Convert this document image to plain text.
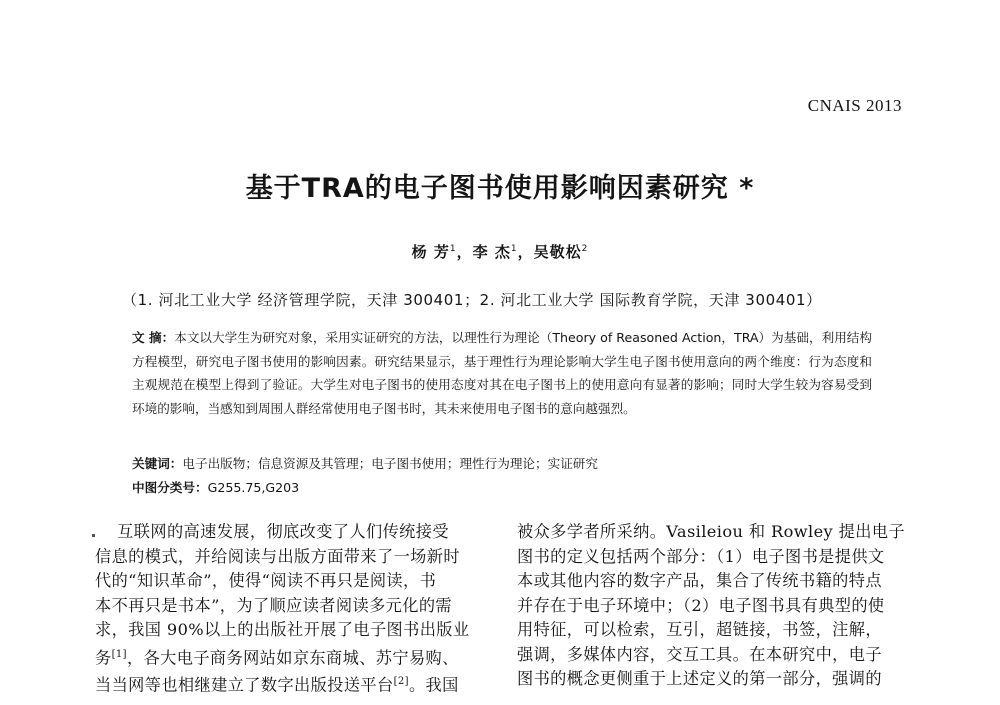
CNAIS 2013
基于TRA的电子图书使用影响因素研究 *
杨 芳$^1$，李 杰$^1$，吴敬松$^2$
（1. 河北工业大学 经济管理学院，天津 300401；2. 河北工业大学 国际教育学院，天津 300401）
文 摘：本文以大学生为研究对象，采用实证研究的方法，以理性行为理论（Theory of Reasoned Action，TRA）为基础，利用结构方程模型，研究电子图书使用的影响因素。研究结果显示，基于理性行为理论影响大学生电子图书使用意向的两个维度：行为态度和主观规范在模型上得到了验证。大学生对电子图书的使用态度对其在电子图书上的使用意向有显著的影响；同时大学生较为容易受到环境的影响，当感知到周围人群经常使用电子图书时，其未来使用电子图书的意向越强烈。
关键词：电子出版物；信息资源及其管理；电子图书使用；理性行为理论；实证研究
中图分类号：G255.75,G203
互联网的高速发展，彻底改变了人们传统接受
信息的模式，并给阅读与出版方面带来了一场新时
代的“知识革命”，使得“阅读不再只是阅读，书
本不再只是书本”，为了顺应读者阅读多元化的需
求，我国 90%以上的出版社开展了电子图书出版业
务[1]，各大电子商务网站如京东商城、苏宁易购、
当当网等也相继建立了数字出版投送平台[2]。我国
被众多学者所采纳。Vasileiou 和 Rowley 提出电子
图书的定义包括两个部分：（1）电子图书是提供文
本或其他内容的数字产品，集合了传统书籍的特点
并存在于电子环境中；（2）电子图书具有典型的使
用特征，可以检索，互引，超链接，书签，注解，
强调，多媒体内容，交互工具。在本研究中，电子
图书的概念更侧重于上述定义的第一部分，强调的
